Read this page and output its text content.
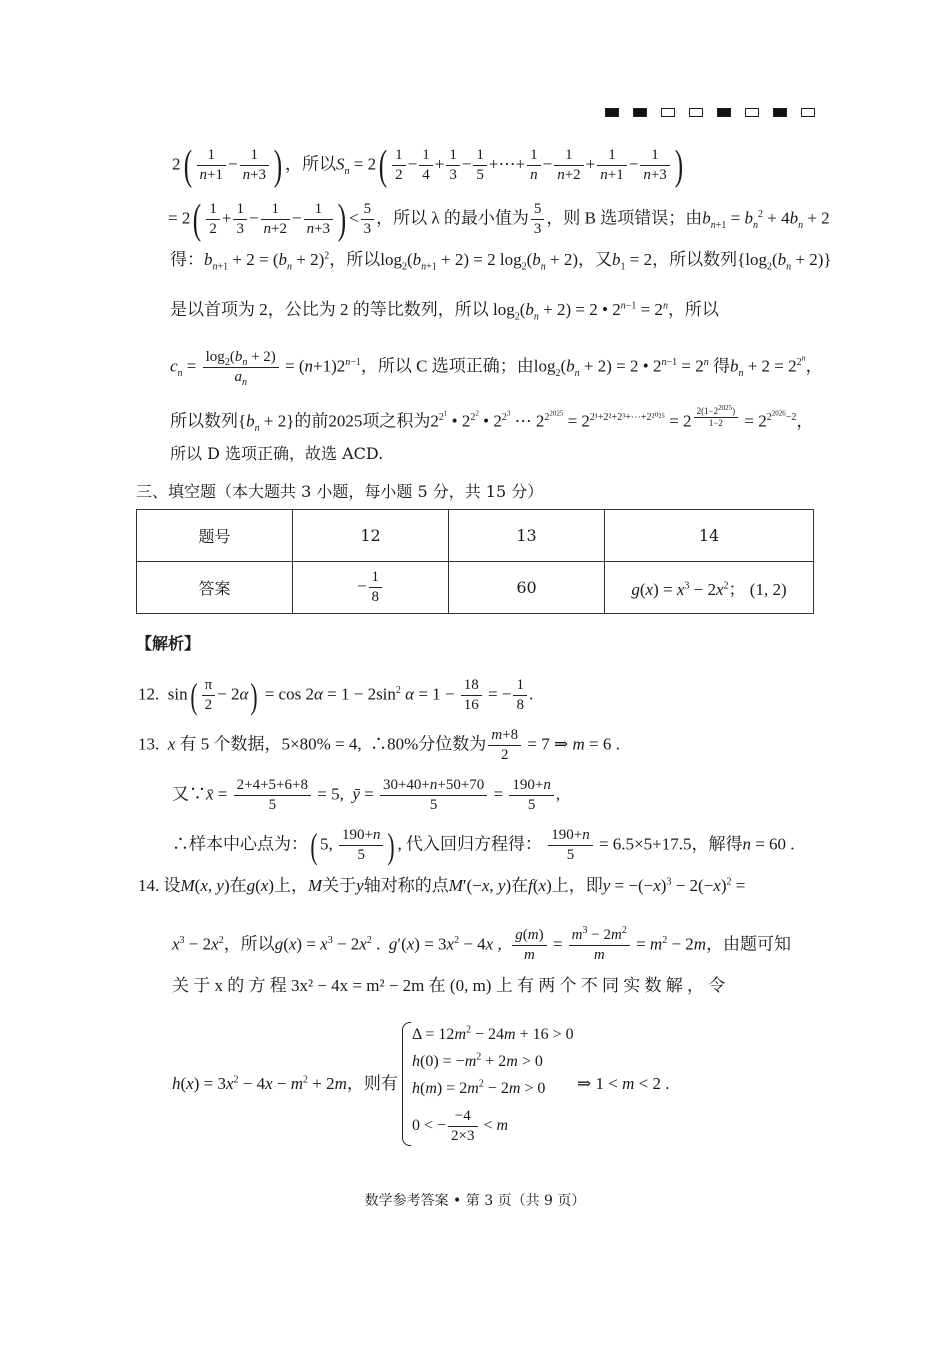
$2( \frac{1}{n+1} - \frac{1}{n+3}$ ) ，所以$S_n = 2( \frac{1}{2} - \frac{1}{4} + \frac{1}{3} - \frac{1}{5}$ +⋯+ $\frac{1}{n} - \frac{1}{n+2} + \frac{1}{n+1} - \frac{1}{n+3}$ )
= $2( \frac{1}{2} + \frac{1}{3} - \frac{1}{n+2} - \frac{1}{n+3}$ ) < $\frac{5}{3}$ ，所以 λ 的最小值为 $\frac{5}{3}$ ，则 B 选项错误；由$b_{n+1} = b_n^2 + 4b_n + 2$
得：$b_{n+1} + 2 = (b_n + 2)^2$，所以$\log_2(b_{n+1} + 2) = 2$ $\log_2(b_n + 2)$，又$b_1 = 2$，所以数列$\{\log_2(b_n + 2)\}$
是以首项为 2，公比为 2 的等比数列，所以 $\log_2(b_n + 2) = 2$ • $2^{n-1} = 2^n$，所以
$c_n = \frac{\log_2(b_n + 2)}{a_n} = (n+1)2^{n-1}$，所以 C 选项正确；由$\log_2(b_n + 2) = 2$ • $2^{n-1} = 2^n$ 得$b_n + 2 = 2^{2^n}$，
所以数列$\{b_n + 2\}$的前2025项之积为$2^{2^1}$ • $2^{2^2}$ • $2^{2^3}$ ⋯ $2^{2^{2025}} = 2^{2^1+2^2+2^3+\cdots+2^{2025}} = 2$ $^{\frac{2(1-2^{2025})}{1-2}} = 2^{2^{2026}-2}$，
所以 D 选项正确，故选 ACD.
三、填空题（本大题共 3 小题，每小题 5 分，共 15 分）
题号	12	13	14
答案	− $\frac{1}{8}$	60	$g(x) = x^3 - 2x^2$； (1, 2)
【解析】
12.  $\sin( \frac{\pi}{2} - 2\alpha) = \cos 2\alpha = 1 - 2\sin^2$ $\alpha = 1 - \frac{18}{16}$ = − $\frac{1}{8}$ .
13.  x 有 5 个数据，5×80% = 4,  ∴80%分位数为 $\frac{m+8}{2} = 7$ ⇒ m = 6 .
又∵x̄ = $\frac{2+4+5+6+8}{5} = 5$,  ȳ = $\frac{30+40+n+50+70}{5} = \frac{190+n}{5}$ ,
∴样本中心点为：( 5, $\frac{190+n}{5}$ ) , 代入回归方程得： $\frac{190+n}{5} = 6.5\times 5+17.5$，解得n = 60 .
14. 设M(x, y)在g(x)上，M关于y轴对称的点M′(−x, y)在f(x)上，即$y = -(-x)^3 - 2(-x)^2$ =
$x^3 - 2x^2$，所以$g(x) = x^3 - 2x^2$ .  $g'(x) = 3x^2 - 4x$ , $\frac{g(m)}{m} = \frac{m^3 - 2m^2}{m} = m^2 - 2m$，由题可知
关 于 x 的 方 程 3x² − 4x = m² − 2m 在 (0, m) 上 有 两 个 不 同 实 数 解 ， 令
$h(x) = 3x^2 - 4x - m^2 + 2m$，则有
$\Delta = 12m^2 - 24m + 16 > 0$
$h(0) = -m^2 + 2m > 0$
$h(m) = 2m^2 - 2m > 0$
0 < − $\frac{-4}{2\times 3} < m$
⇒ 1 < m < 2 .
数学参考答案 • 第 3 页（共 9 页）
